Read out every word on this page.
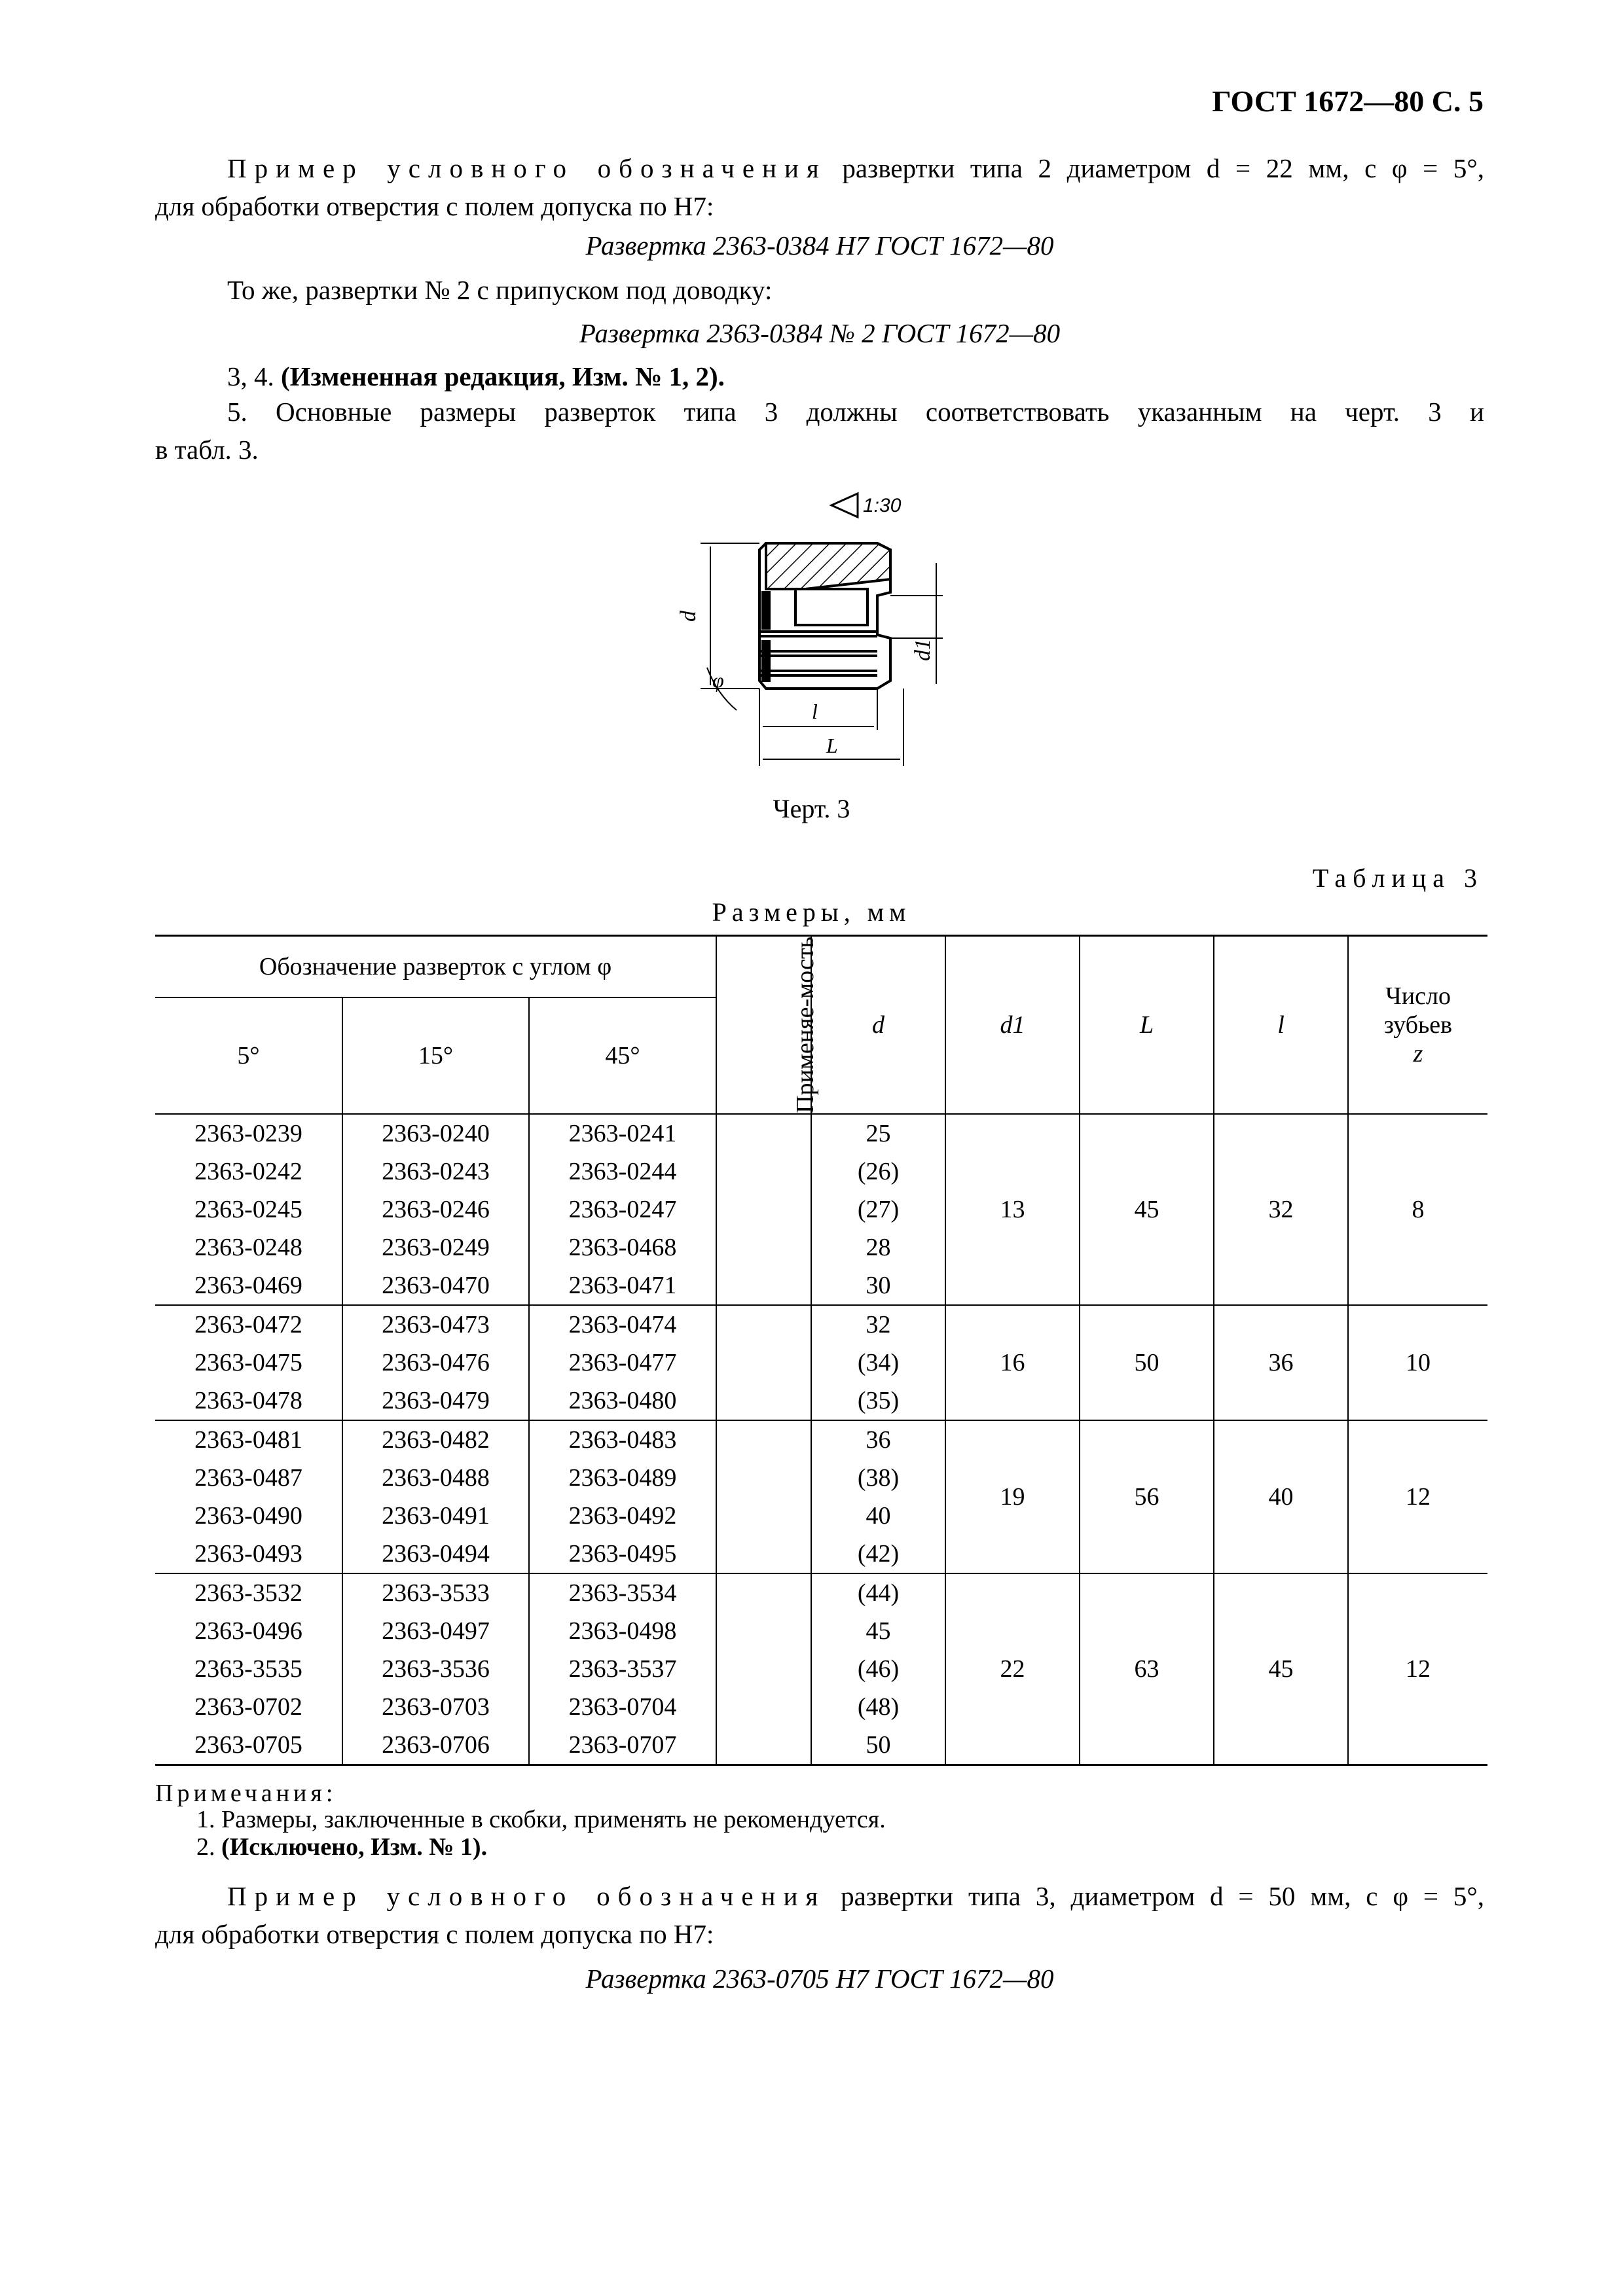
ГОСТ 1672—80 С. 5
Пример условного обозначения развертки типа 2 диаметром d = 22 мм, с φ = 5°,
для обработки отверстия с полем допуска по Н7:
Развертка 2363-0384 Н7 ГОСТ 1672—80
То же, развертки № 2 с припуском под доводку:
Развертка 2363-0384 № 2 ГОСТ 1672—80
3, 4. (Измененная редакция, Изм. № 1, 2).
5. Основные размеры разверток типа 3 должны соответствовать указанным на черт. 3 и
в табл. 3.
1:30
d
φ
d1
l
L
Черт. 3
Таблица 3
Размеры, мм
Обозначение разверток с углом φ			Применяе-мость	d	d1	L	l	Число
зубьев
z

5°	15°	45°						
2363-0239	2363-0240	2363-0241		25	13	45	32	8
2363-0242	2363-0243	2363-0244		(26)				
2363-0245	2363-0246	2363-0247		(27)				
2363-0248	2363-0249	2363-0468		28				
2363-0469	2363-0470	2363-0471		30				
2363-0472	2363-0473	2363-0474		32	16	50	36	10
2363-0475	2363-0476	2363-0477		(34)				
2363-0478	2363-0479	2363-0480		(35)				
2363-0481	2363-0482	2363-0483		36	19	56	40	12
2363-0487	2363-0488	2363-0489		(38)				
2363-0490	2363-0491	2363-0492		40				
2363-0493	2363-0494	2363-0495		(42)				
2363-3532	2363-3533	2363-3534		(44)	22	63	45	12
2363-0496	2363-0497	2363-0498		45				
2363-3535	2363-3536	2363-3537		(46)				
2363-0702	2363-0703	2363-0704		(48)				
2363-0705	2363-0706	2363-0707		50				
Примечания:
1. Размеры, заключенные в скобки, применять не рекомендуется.
2. (Исключено, Изм. № 1).
Пример условного обозначения развертки типа 3, диаметром d = 50 мм, с φ = 5°,
для обработки отверстия с полем допуска по Н7:
Развертка 2363-0705 Н7 ГОСТ 1672—80
